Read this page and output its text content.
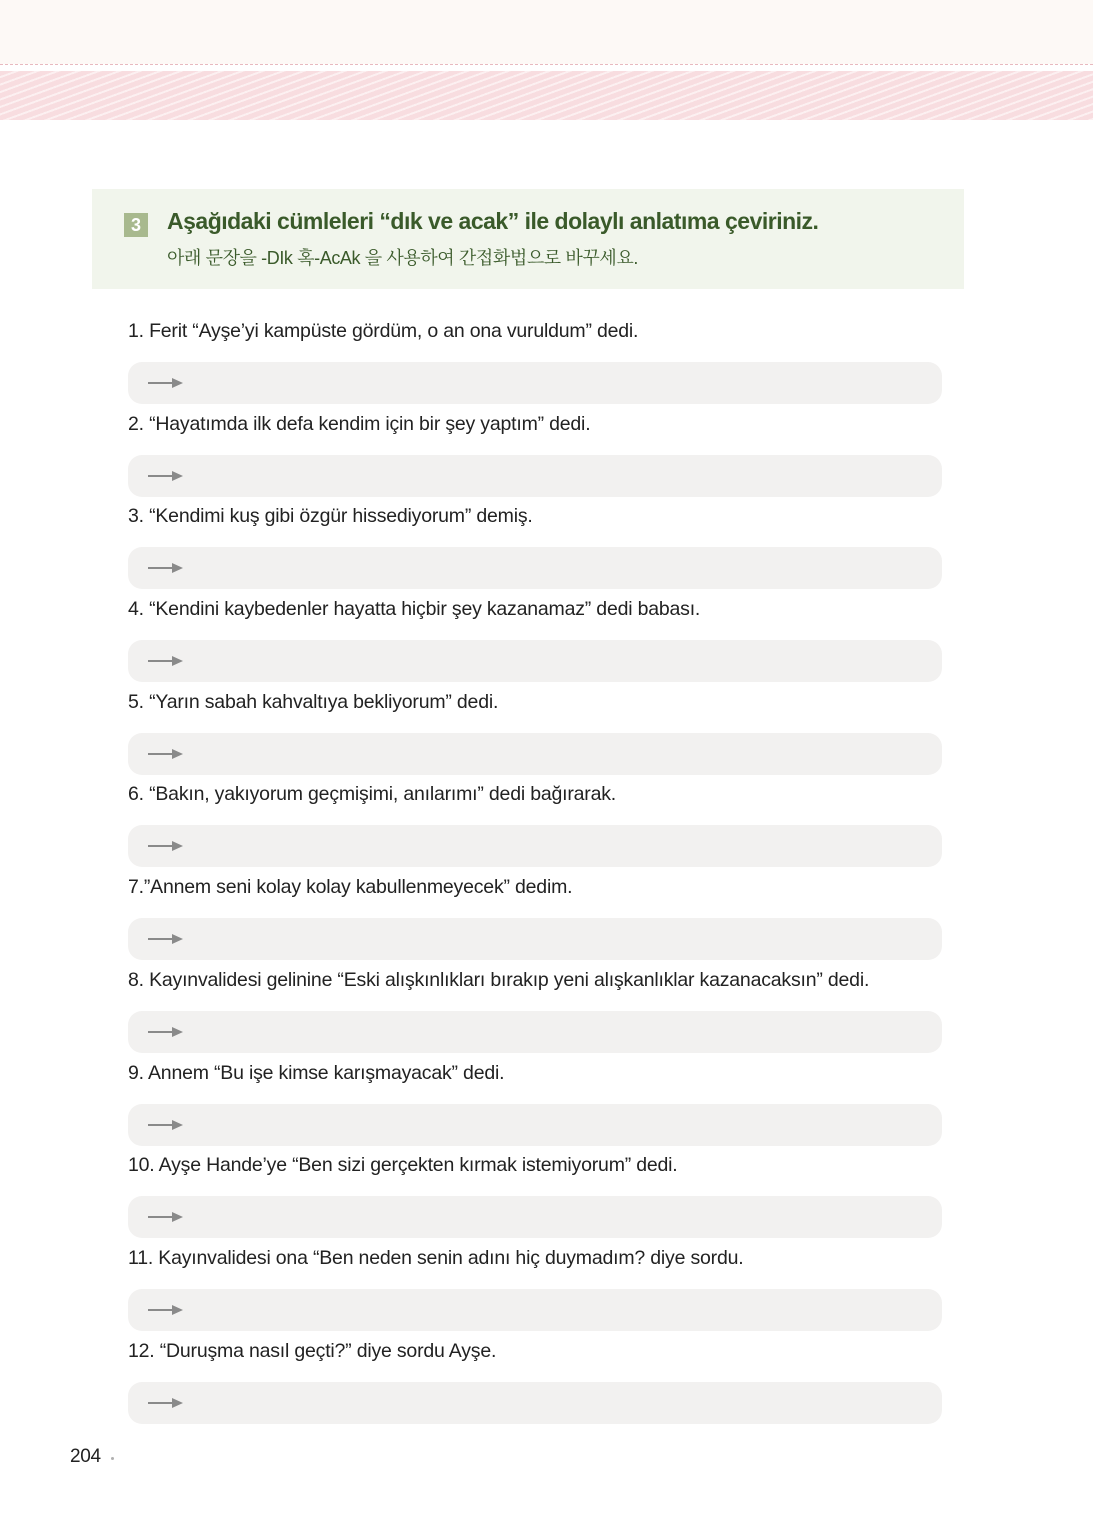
3	Aşağıdaki cümleleri “dık ve acak” ile dolaylı anlatıma çeviriniz.
아래 문장을 -DIk 혹-AcAk 을 사용하여 간접화법으로 바꾸세요.
1. Ferit “Ayşe’yi kampüste gördüm, o an ona vuruldum” dedi.
2. “Hayatımda ilk defa kendim için bir şey yaptım” dedi.
3. “Kendimi kuş gibi özgür hissediyorum” demiş.
4. “Kendini kaybedenler hayatta hiçbir şey kazanamaz” dedi babası.
5. “Yarın sabah kahvaltıya bekliyorum” dedi.
6. “Bakın, yakıyorum geçmişimi, anılarımı” dedi bağırarak.
7.”Annem seni kolay kolay kabullenmeyecek” dedim.
8. Kayınvalidesi gelinine “Eski alışkınlıkları bırakıp yeni alışkanlıklar kazanacaksın” dedi.
9. Annem “Bu işe kimse karışmayacak” dedi.
10. Ayşe Hande’ye “Ben sizi gerçekten kırmak istemiyorum” dedi.
11. Kayınvalidesi ona “Ben neden senin adını hiç duymadım? diye sordu.
12. “Duruşma nasıl geçti?” diye sordu Ayşe.
204
